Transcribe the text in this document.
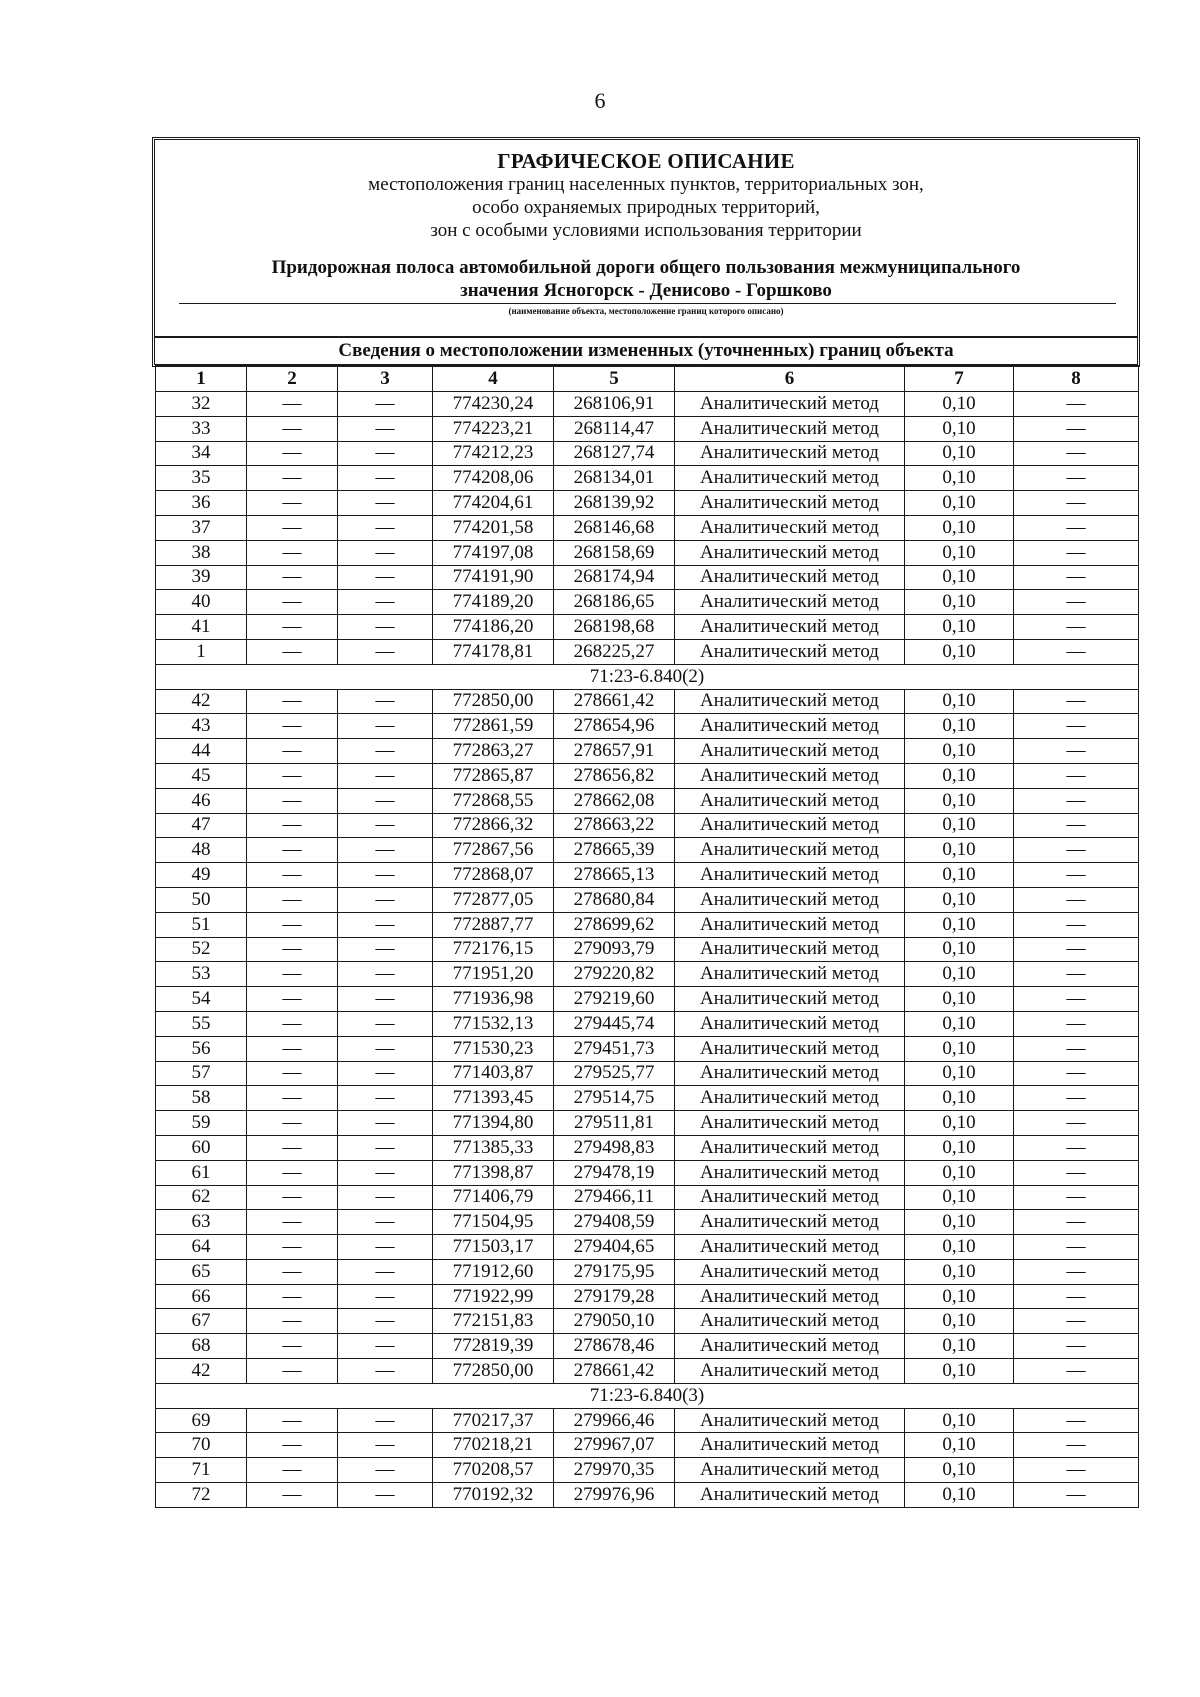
6
ГРАФИЧЕСКОЕ ОПИСАНИЕ
местоположения границ населенных пунктов, территориальных зон,
особо охраняемых природных территорий,
зон с особыми условиями использования территории
Придорожная полоса автомобильной дороги общего пользования межмуниципального
значения Ясногорск - Денисово - Горшково
(наименование объекта, местоположение границ которого описано)
Сведения о местоположении измененных (уточненных) границ объекта
1	2	3	4	5	6	7	8
32	—	—	774230,24	268106,91	Аналитический метод	0,10	—
33	—	—	774223,21	268114,47	Аналитический метод	0,10	—
34	—	—	774212,23	268127,74	Аналитический метод	0,10	—
35	—	—	774208,06	268134,01	Аналитический метод	0,10	—
36	—	—	774204,61	268139,92	Аналитический метод	0,10	—
37	—	—	774201,58	268146,68	Аналитический метод	0,10	—
38	—	—	774197,08	268158,69	Аналитический метод	0,10	—
39	—	—	774191,90	268174,94	Аналитический метод	0,10	—
40	—	—	774189,20	268186,65	Аналитический метод	0,10	—
41	—	—	774186,20	268198,68	Аналитический метод	0,10	—
1	—	—	774178,81	268225,27	Аналитический метод	0,10	—
71:23-6.840(2)							
42	—	—	772850,00	278661,42	Аналитический метод	0,10	—
43	—	—	772861,59	278654,96	Аналитический метод	0,10	—
44	—	—	772863,27	278657,91	Аналитический метод	0,10	—
45	—	—	772865,87	278656,82	Аналитический метод	0,10	—
46	—	—	772868,55	278662,08	Аналитический метод	0,10	—
47	—	—	772866,32	278663,22	Аналитический метод	0,10	—
48	—	—	772867,56	278665,39	Аналитический метод	0,10	—
49	—	—	772868,07	278665,13	Аналитический метод	0,10	—
50	—	—	772877,05	278680,84	Аналитический метод	0,10	—
51	—	—	772887,77	278699,62	Аналитический метод	0,10	—
52	—	—	772176,15	279093,79	Аналитический метод	0,10	—
53	—	—	771951,20	279220,82	Аналитический метод	0,10	—
54	—	—	771936,98	279219,60	Аналитический метод	0,10	—
55	—	—	771532,13	279445,74	Аналитический метод	0,10	—
56	—	—	771530,23	279451,73	Аналитический метод	0,10	—
57	—	—	771403,87	279525,77	Аналитический метод	0,10	—
58	—	—	771393,45	279514,75	Аналитический метод	0,10	—
59	—	—	771394,80	279511,81	Аналитический метод	0,10	—
60	—	—	771385,33	279498,83	Аналитический метод	0,10	—
61	—	—	771398,87	279478,19	Аналитический метод	0,10	—
62	—	—	771406,79	279466,11	Аналитический метод	0,10	—
63	—	—	771504,95	279408,59	Аналитический метод	0,10	—
64	—	—	771503,17	279404,65	Аналитический метод	0,10	—
65	—	—	771912,60	279175,95	Аналитический метод	0,10	—
66	—	—	771922,99	279179,28	Аналитический метод	0,10	—
67	—	—	772151,83	279050,10	Аналитический метод	0,10	—
68	—	—	772819,39	278678,46	Аналитический метод	0,10	—
42	—	—	772850,00	278661,42	Аналитический метод	0,10	—
71:23-6.840(3)							
69	—	—	770217,37	279966,46	Аналитический метод	0,10	—
70	—	—	770218,21	279967,07	Аналитический метод	0,10	—
71	—	—	770208,57	279970,35	Аналитический метод	0,10	—
72	—	—	770192,32	279976,96	Аналитический метод	0,10	—
